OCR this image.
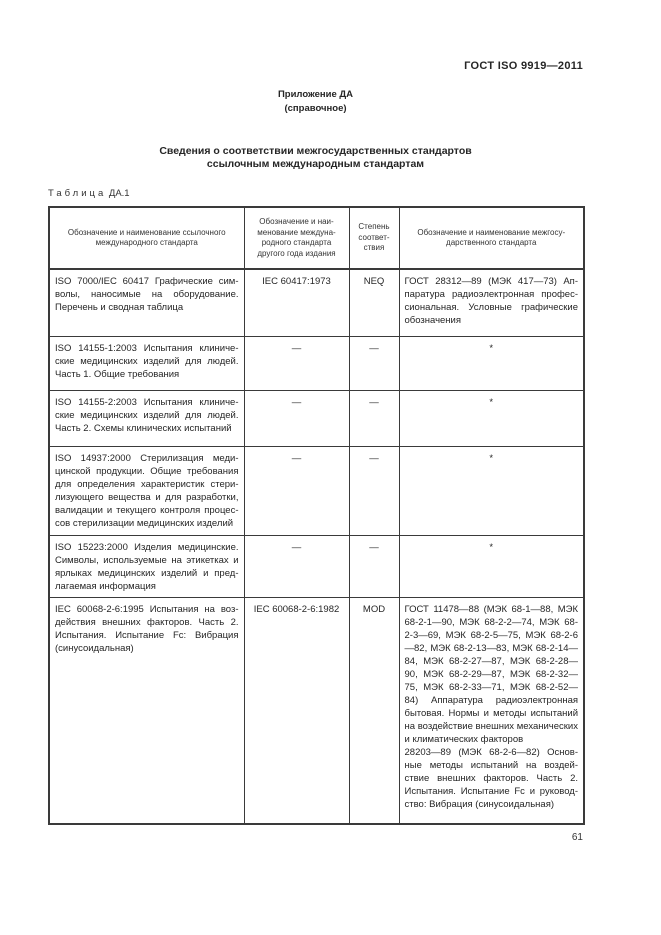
ГОСТ ISO 9919—2011
Приложение ДА
(справочное)
Сведения о соответствии межгосударственных стандартов
ссылочным международным стандартам
Таблица ДА.1
Обозначение и наименование ссылочного международного стандарта	Обозначение и наименование международного стандарта другого года издания	Степень соответствия	Обозначение и наименование межгосударственного стандарта
ISO 7000/IEC 60417 Графические символы, наносимые на оборудование. Перечень и сводная таблица	IEC 60417:1973	NEQ	ГОСТ 28312—89 (МЭК 417—73) Аппаратура радиоэлектронная профессиональная. Условные графические обозначения
ISO 14155-1:2003 Испытания клинические медицинских изделий для людей. Часть 1. Общие требования	—	—	*
ISO 14155-2:2003 Испытания клинические медицинских изделий для людей. Часть 2. Схемы клинических испытаний	—	—	*
ISO 14937:2000 Стерилизация медицинской продукции. Общие требования для определения характеристик стерилизующего вещества и для разработки, валидации и текущего контроля процессов стерилизации медицинских изделий	—	—	*
ISO 15223:2000 Изделия медицинские. Символы, используемые на этикетках и ярлыках медицинских изделий и предлагаемая информация	—	—	*
IEC 60068-2-6:1995 Испытания на воздействия внешних факторов. Часть 2. Испытания. Испытание Fc: Вибрация (синусоидальная)	IEC 60068-2-6:1982	MOD	ГОСТ 11478—88 (МЭК 68-1—88, МЭК 68-2-1—90, МЭК 68-2-2—74, МЭК 68-2-3—69, МЭК 68-2-5—75, МЭК 68-2-6—82, МЭК 68-2-13—83, МЭК 68-2-14—84, МЭК 68-2-27—87, МЭК 68-2-28—90, МЭК 68-2-29—87, МЭК 68-2-32—75, МЭК 68-2-33—71, МЭК 68-2-52—84) Аппаратура радиоэлектронная бытовая. Нормы и методы испытаний на воздействие внешних механических и климатических факторов

28203—89 (МЭК 68-2-6—82) Основные методы испытаний на воздействие внешних факторов. Часть 2. Испытания. Испытание Fc и руководство: Вибрация (синусоидальная)

61
